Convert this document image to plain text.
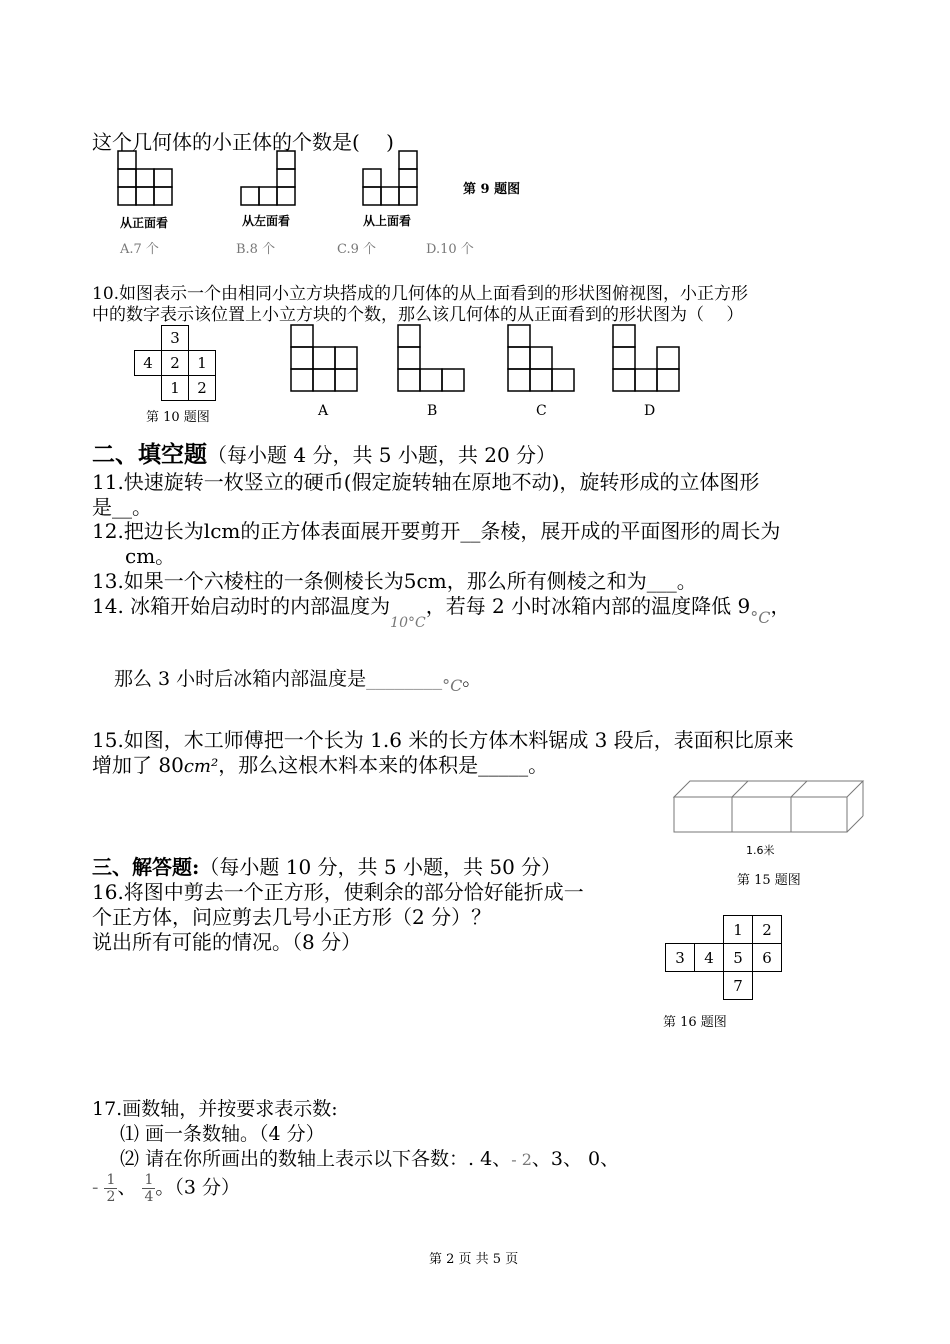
这个几何体的小正体的个数是(　 )
从正面看	从左面看	从上面看
第 9 题图
A.7 个	B.8 个	C.9 个	D.10 个
10.如图表示一个由相同小立方块搭成的几何体的从上面看到的形状图俯视图，小正方形
中的数字表示该位置上小立方块的个数，那么该几何体的从正面看到的形状图为（　 ）
	3	
4	2	1
	1	2
第 10 题图	A	B	C	D
二、填空题（每小题 4 分，共 5 小题，共 20 分）
11.快速旋转一枚竖立的硬币(假定旋转轴在原地不动)，旋转形成的立体图形
是__。
12.把边长为lcm的正方体表面展开要剪开__条棱，展开成的平面图形的周长为
cm。
13.如果一个六棱柱的一条侧棱长为5cm，那么所有侧棱之和为___。
14. 冰箱开始启动时的内部温度为$_{10^\circ C}$，若每 2 小时冰箱内部的温度降低 $9_{^\circ C}$，
那么 3 小时后冰箱内部温度是$\_\_\_\_\_\_\_\__{^\circ C}$。
15.如图，木工师傅把一个长为 1.6 米的长方体木料锯成 3 段后，表面积比原来
增加了 80cm²，那么这根木料本来的体积是_____。
1.6米
第 15 题图
三、解答题:（每小题 10 分，共 5 小题，共 50 分）
16.将图中剪去一个正方形，使剩余的部分恰好能折成一
个正方体，问应剪去几号小正方形（2 分）？
说出所有可能的情况。（8 分）
		1	2
3	4	5	6
		7	
第 16 题图
17.画数轴，并按要求表示数:
⑴ 画一条数轴。（4 分）
⑵ 请在你所画出的数轴上表示以下各数：. 4、- 2、3、 0、
- $\frac{1}{2}$ 、 $\frac{1}{4}$ 。（3 分）
第 2 页 共 5 页
